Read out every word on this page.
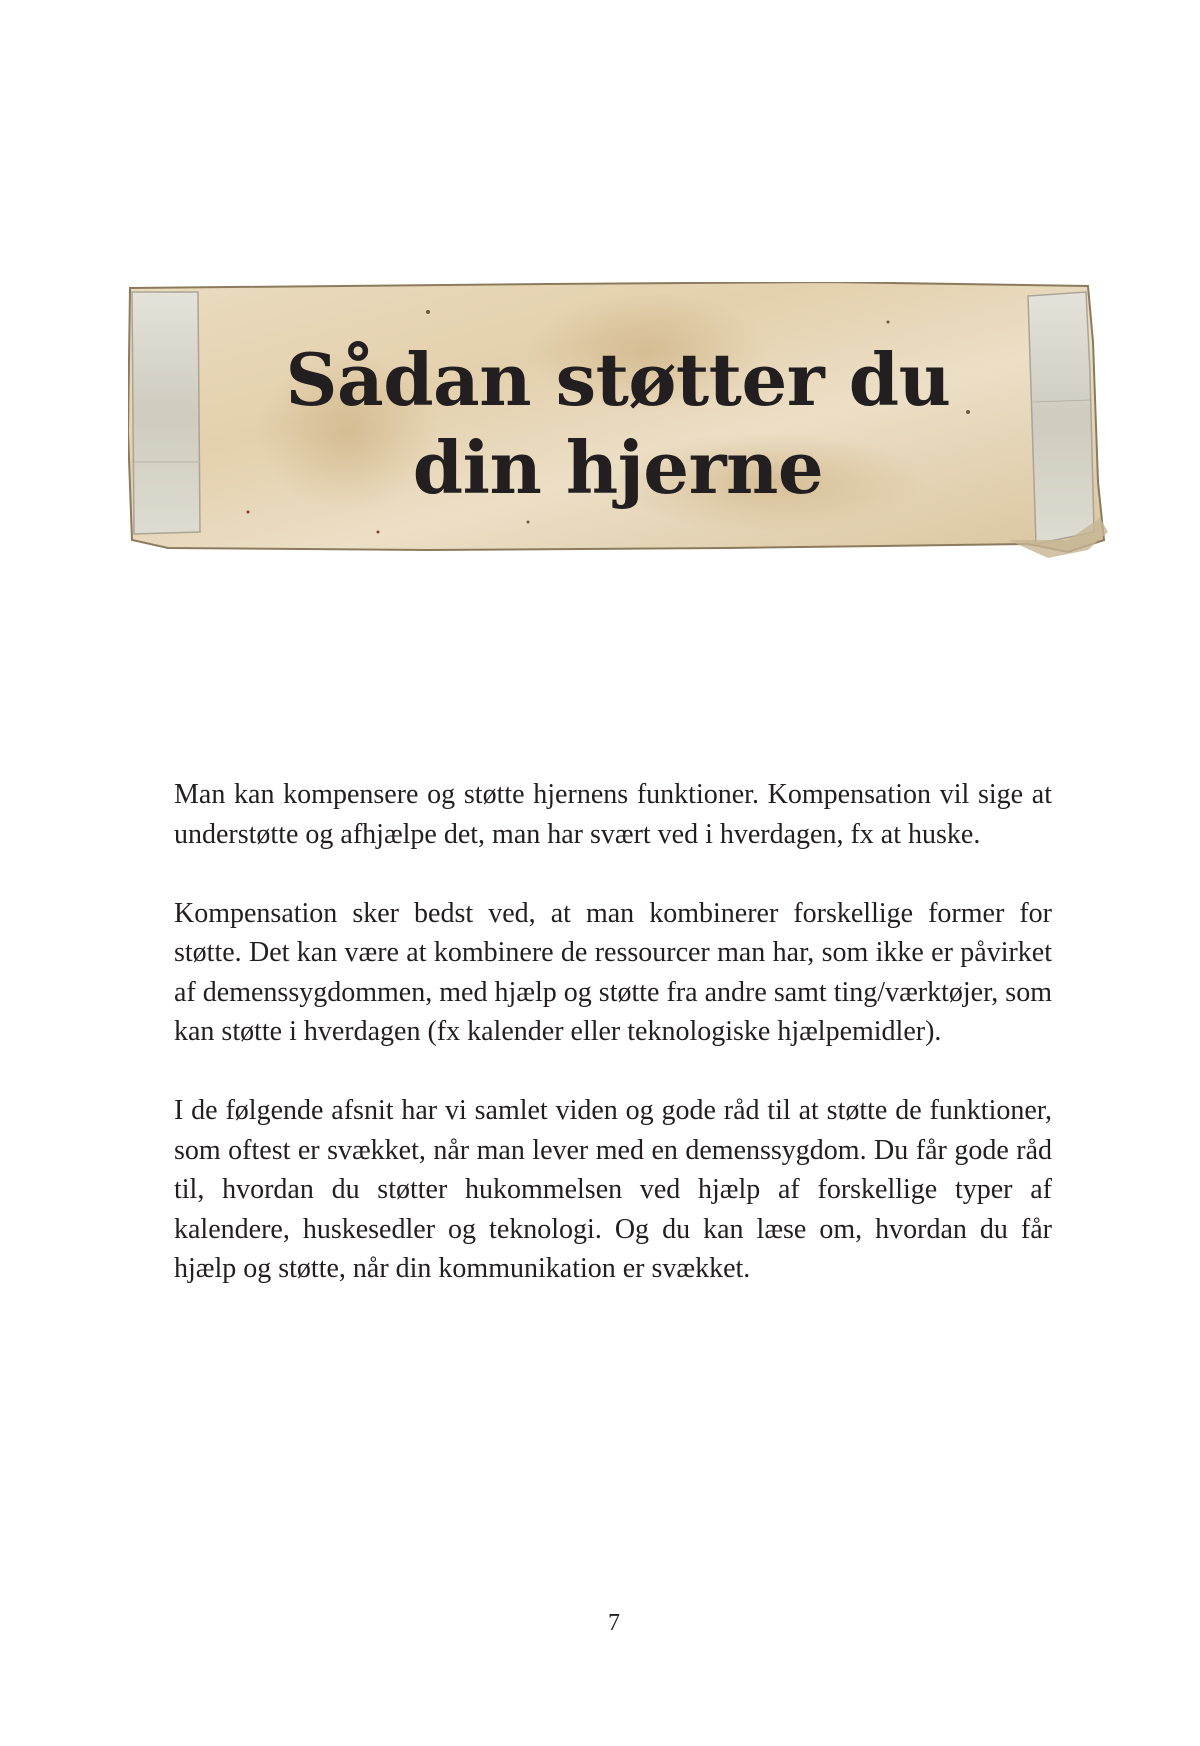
Sådan støtter du
din hjerne

Man kan kompensere og støtte hjernens funktioner. Kompensation vil sige at understøtte og afhjælpe det, man har svært ved i hverdagen, fx at huske.

Kompensation sker bedst ved, at man kombinerer forskellige former for støtte. Det kan være at kombinere de ressourcer man har, som ikke er påvirket af demenssygdommen, med hjælp og støtte fra andre samt ting/værktøjer, som kan støtte i hverdagen (fx kalender eller teknologiske hjælpemidler).

I de følgende afsnit har vi samlet viden og gode råd til at støtte de funktioner, som oftest er svækket, når man lever med en demenssygdom. Du får gode råd til, hvordan du støtter hukommelsen ved hjælp af forskellige typer af kalendere, huskesedler og teknologi. Og du kan læse om, hvordan du får hjælp og støtte, når din kommunikation er svækket.

7
